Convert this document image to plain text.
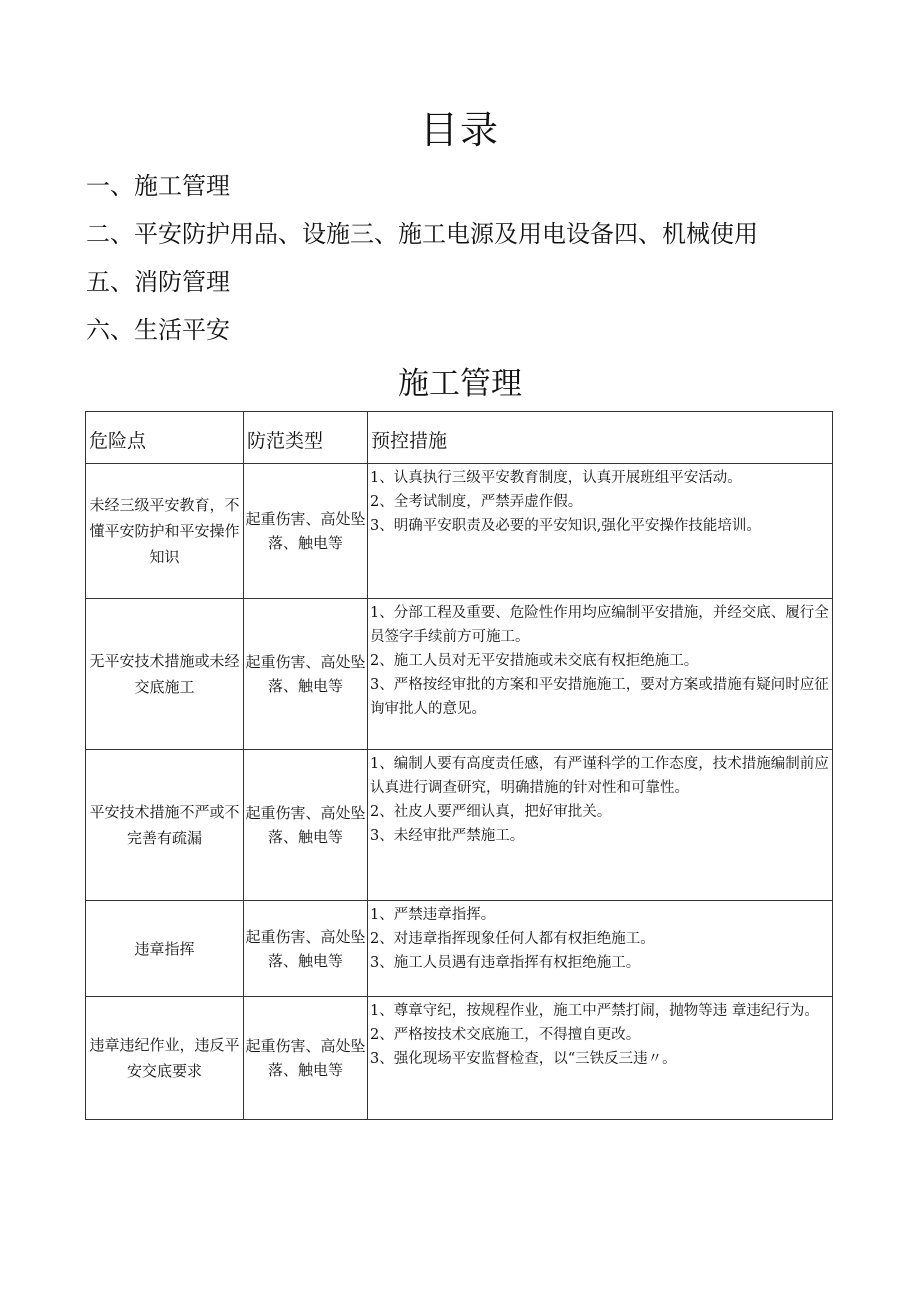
目录
一、施工管理
二、平安防护用品、设施三、施工电源及用电设备四、机械使用
五、消防管理
六、生活平安
施工管理
危险点	防范类型	预控措施
未经三级平安教育，不懂平安防护和平安操作知识	起重伤害、高处坠落、触电等	1、认真执行三级平安教育制度，认真开展班组平安活动。
2、全考试制度，严禁弄虚作假。
3、明确平安职责及必要的平安知识,强化平安操作技能培训。

无平安技术措施或未经交底施工	起重伤害、高处坠落、触电等	1、分部工程及重要、危险性作用均应编制平安措施，并经交底、履行全员签字手续前方可施工。
2、施工人员对无平安措施或未交底有权拒绝施工。
3、严格按经审批的方案和平安措施施工，要对方案或措施有疑问时应征询审批人的意见。

平安技术措施不严或不完善有疏漏	起重伤害、高处坠落、触电等	1、编制人要有高度责任感，有严谨科学的工作态度，技术措施编制前应认真进行调查研究，明确措施的针对性和可靠性。
2、社皮人要严细认真，把好审批关。
3、未经审批严禁施工。

违章指挥	起重伤害、高处坠落、触电等	1、严禁违章指挥。
2、对违章指挥现象任何人都有权拒绝施工。
3、施工人员遇有违章指挥有权拒绝施工。

违章违纪作业，违反平安交底要求	起重伤害、高处坠落、触电等	1、尊章守纪，按规程作业，施工中严禁打闹，抛物等违 章违纪行为。
2、严格按技术交底施工，不得擅自更改。
3、强化现场平安监督检查，以“三铁反三违〃。
